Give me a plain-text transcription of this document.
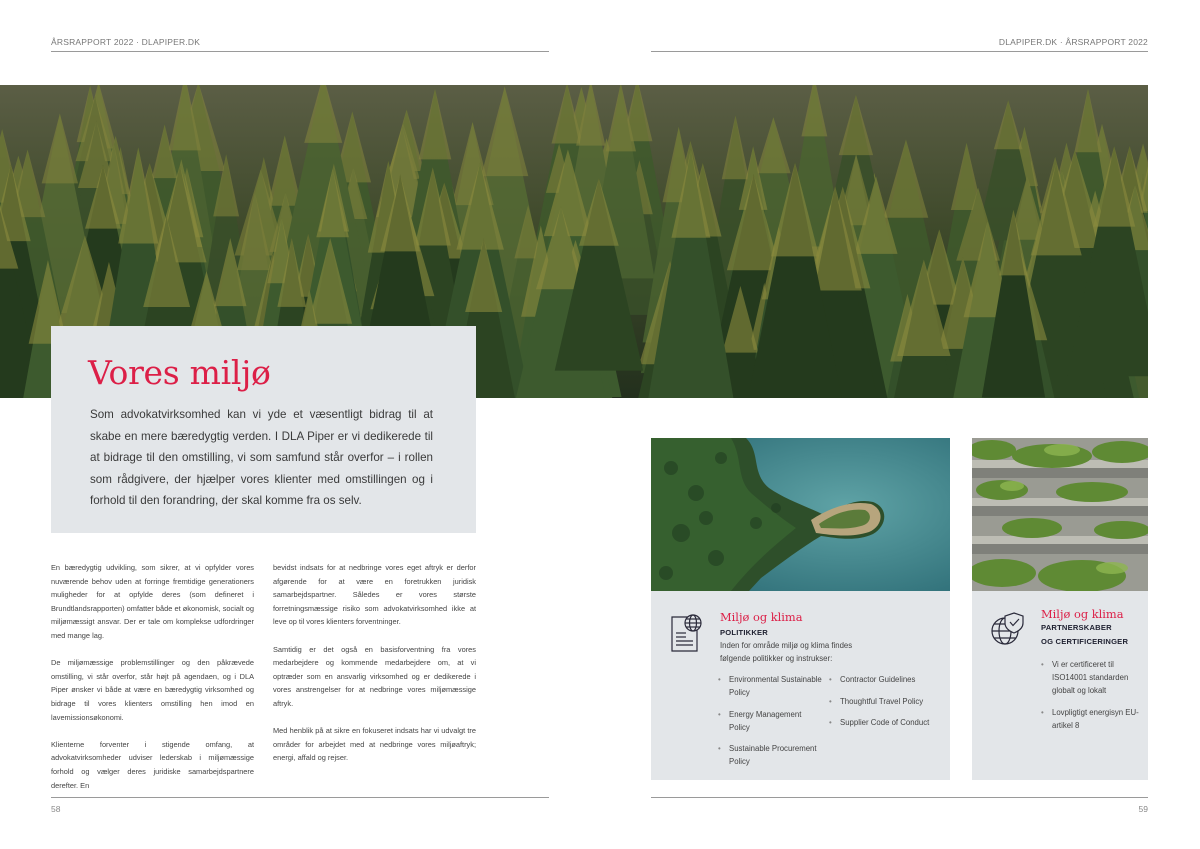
ÅRSRAPPORT 2022 · DLAPIPER.DK	DLAPIPER.DK · ÅRSRAPPORT 2022
Vores miljø
Som advokatvirksomhed kan vi yde et væsentligt bidrag til at skabe en mere bæredygtig verden. I DLA Piper er vi dedikerede til at bidrage til den omstilling, vi som samfund står overfor – i rollen som rådgivere, der hjælper vores klienter med omstillingen og i forhold til den forandring, der skal komme fra os selv.

En bæredygtig udvikling, som sikrer, at vi opfylder vores nuværende behov uden at forringe fremtidige generationers muligheder for at opfylde deres (som defineret i Brundtlandsrapporten) omfatter både et økonomisk, socialt og miljømæssigt ansvar. Der er tale om komplekse udfordringer med mange lag.

De miljømæssige problemstillinger og den påkrævede omstilling, vi står overfor, står højt på agendaen, og i DLA Piper ønsker vi både at være en bæredygtig virksomhed og bidrage til vores klienters omstilling hen imod en lavemissionsøkonomi.

Klienterne forventer i stigende omfang, at advokatvirksomheder udviser lederskab i miljømæssige forhold og vælger deres juridiske samarbejdspartnere derefter. En

bevidst indsats for at nedbringe vores eget aftryk er derfor afgørende for at være en foretrukken juridisk samarbejdspartner. Således er vores største forretningsmæssige risiko som advokatvirksomhed ikke at leve op til vores klienters forventninger.

Samtidig er det også en basisforventning fra vores medarbejdere og kommende medarbejdere om, at vi optræder som en ansvarlig virksomhed og er dedikerede i vores anstrengelser for at nedbringe vores miljømæssige aftryk.

Med henblik på at sikre en fokuseret indsats har vi udvalgt tre områder for arbejdet med at nedbringe vores miljøaftryk; energi, affald og rejser.

Miljø og klima
POLITIKKER
Inden for område miljø og klima findes følgende politikker og instrukser:
• Environmental Sustainable Policy
• Energy Management Policy
• Sustainable Procurement Policy
• Contractor Guidelines
• Thoughtful Travel Policy
• Supplier Code of Conduct
Miljø og klima
PARTNERSKABER
OG CERTIFICERINGER
• Vi er certificeret til ISO14001 standarden globalt og lokalt
• Lovpligtigt energisyn EU-artikel 8
58	59
